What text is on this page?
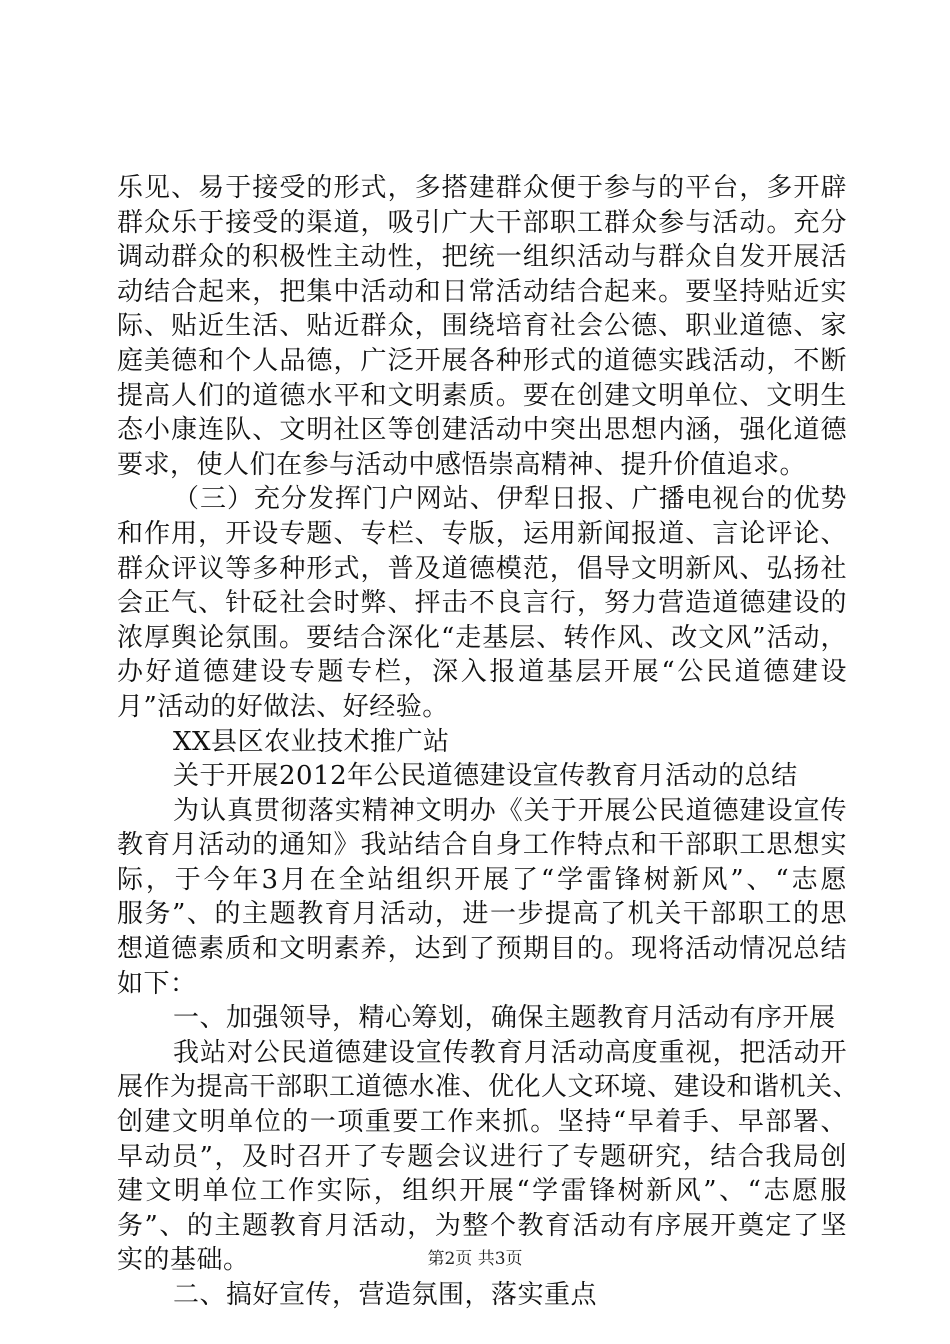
乐见、易于接受的形式，多搭建群众便于参与的平台，多开辟
群众乐于接受的渠道，吸引广大干部职工群众参与活动。充分
调动群众的积极性主动性，把统一组织活动与群众自发开展活
动结合起来，把集中活动和日常活动结合起来。要坚持贴近实
际、贴近生活、贴近群众，围绕培育社会公德、职业道德、家
庭美德和个人品德，广泛开展各种形式的道德实践活动，不断
提高人们的道德水平和文明素质。要在创建文明单位、文明生
态小康连队、文明社区等创建活动中突出思想内涵，强化道德
要求，使人们在参与活动中感悟崇高精神、提升价值追求。
（三）充分发挥门户网站、伊犁日报、广播电视台的优势
和作用，开设专题、专栏、专版，运用新闻报道、言论评论、
群众评议等多种形式，普及道德模范，倡导文明新风、弘扬社
会正气、针砭社会时弊、抨击不良言行，努力营造道德建设的
浓厚舆论氛围。要结合深化“走基层、转作风、改文风”活动，
办好道德建设专题专栏，深入报道基层开展“公民道德建设
月”活动的好做法、好经验。
XX县区农业技术推广站
关于开展2012年公民道德建设宣传教育月活动的总结
为认真贯彻落实精神文明办《关于开展公民道德建设宣传
教育月活动的通知》我站结合自身工作特点和干部职工思想实
际，于今年3月在全站组织开展了“学雷锋树新风”、“志愿
服务”、的主题教育月活动，进一步提高了机关干部职工的思
想道德素质和文明素养，达到了预期目的。现将活动情况总结
如下：
一、加强领导，精心筹划，确保主题教育月活动有序开展
我站对公民道德建设宣传教育月活动高度重视，把活动开
展作为提高干部职工道德水准、优化人文环境、建设和谐机关、
创建文明单位的一项重要工作来抓。坚持“早着手、早部署、
早动员”，及时召开了专题会议进行了专题研究，结合我局创
建文明单位工作实际，组织开展“学雷锋树新风”、“志愿服
务”、的主题教育月活动，为整个教育活动有序展开奠定了坚
实的基础。
二、搞好宣传，营造氛围，落实重点
第2页 共3页
